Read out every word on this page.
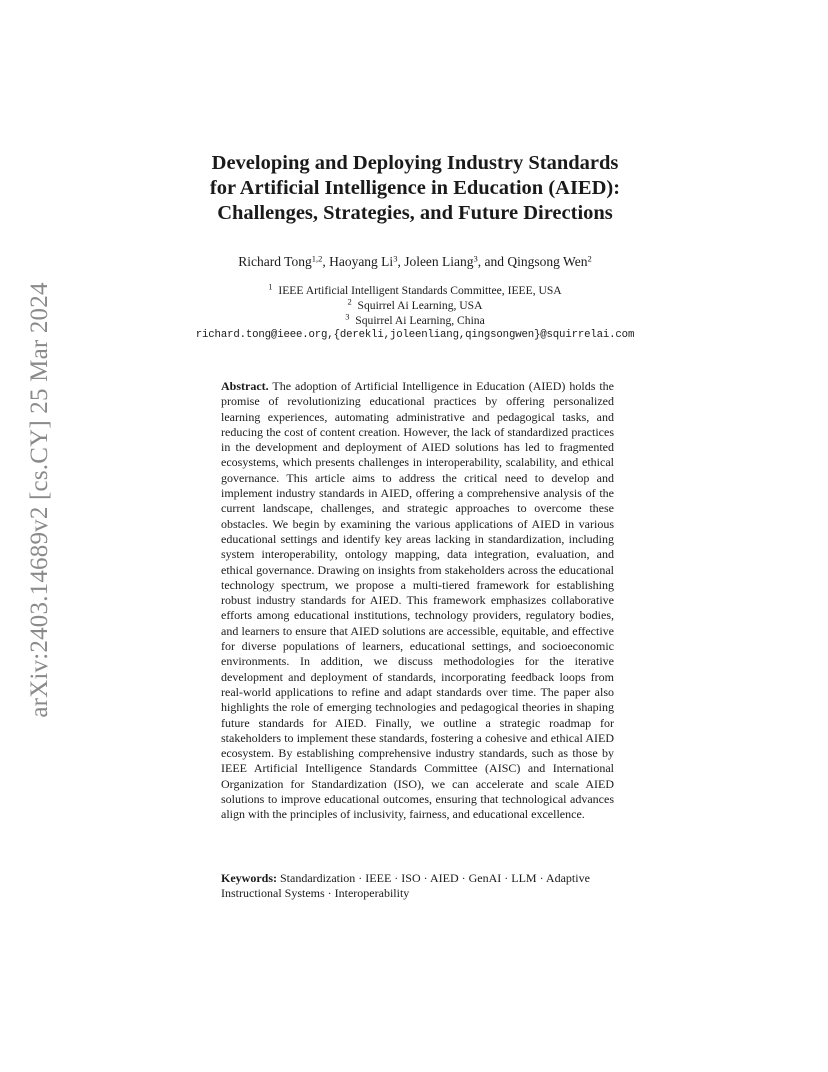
arXiv:2403.14689v2 [cs.CY] 25 Mar 2024
Developing and Deploying Industry Standards
for Artificial Intelligence in Education (AIED):
Challenges, Strategies, and Future Directions
Richard Tong$^{1,2}$, Haoyang Li$^3$, Joleen Liang$^3$, and Qingsong Wen$^2$
$^1$ IEEE Artificial Intelligent Standards Committee, IEEE, USA
$^2$ Squirrel Ai Learning, USA
$^3$ Squirrel Ai Learning, China
richard.tong@ieee.org,{derekli,joleenliang,qingsongwen}@squirrelai.com
Abstract. The adoption of Artificial Intelligence in Education (AIED) holds the promise of revolutionizing educational practices by offering personalized learning experiences, automating administrative and pedagogical tasks, and reducing the cost of content creation. However, the lack of standardized practices in the development and deployment of AIED solutions has led to fragmented ecosystems, which presents challenges in interoperability, scalability, and ethical governance. This article aims to address the critical need to develop and implement industry standards in AIED, offering a comprehensive analysis of the current landscape, challenges, and strategic approaches to overcome these obstacles. We begin by examining the various applications of AIED in various educational settings and identify key areas lacking in standardization, including system interoperability, ontology mapping, data integration, evaluation, and ethical governance. Drawing on insights from stakeholders across the educational technology spectrum, we propose a multi-tiered framework for establishing robust industry standards for AIED. This framework emphasizes collaborative efforts among educational institutions, technology providers, regulatory bodies, and learners to ensure that AIED solutions are accessible, equitable, and effective for diverse populations of learners, educational settings, and socioeconomic environments. In addition, we discuss methodologies for the iterative development and deployment of standards, incorporating feedback loops from real-world applications to refine and adapt standards over time. The paper also highlights the role of emerging technologies and pedagogical theories in shaping future standards for AIED. Finally, we outline a strategic roadmap for stakeholders to implement these standards, fostering a cohesive and ethical AIED ecosystem. By establishing comprehensive industry standards, such as those by IEEE Artificial Intelligence Standards Committee (AISC) and International Organization for Standardization (ISO), we can accelerate and scale AIED solutions to improve educational outcomes, ensuring that technological advances align with the principles of inclusivity, fairness, and educational excellence.
Keywords: Standardization · IEEE · ISO · AIED · GenAI · LLM · Adaptive Instructional Systems · Interoperability
